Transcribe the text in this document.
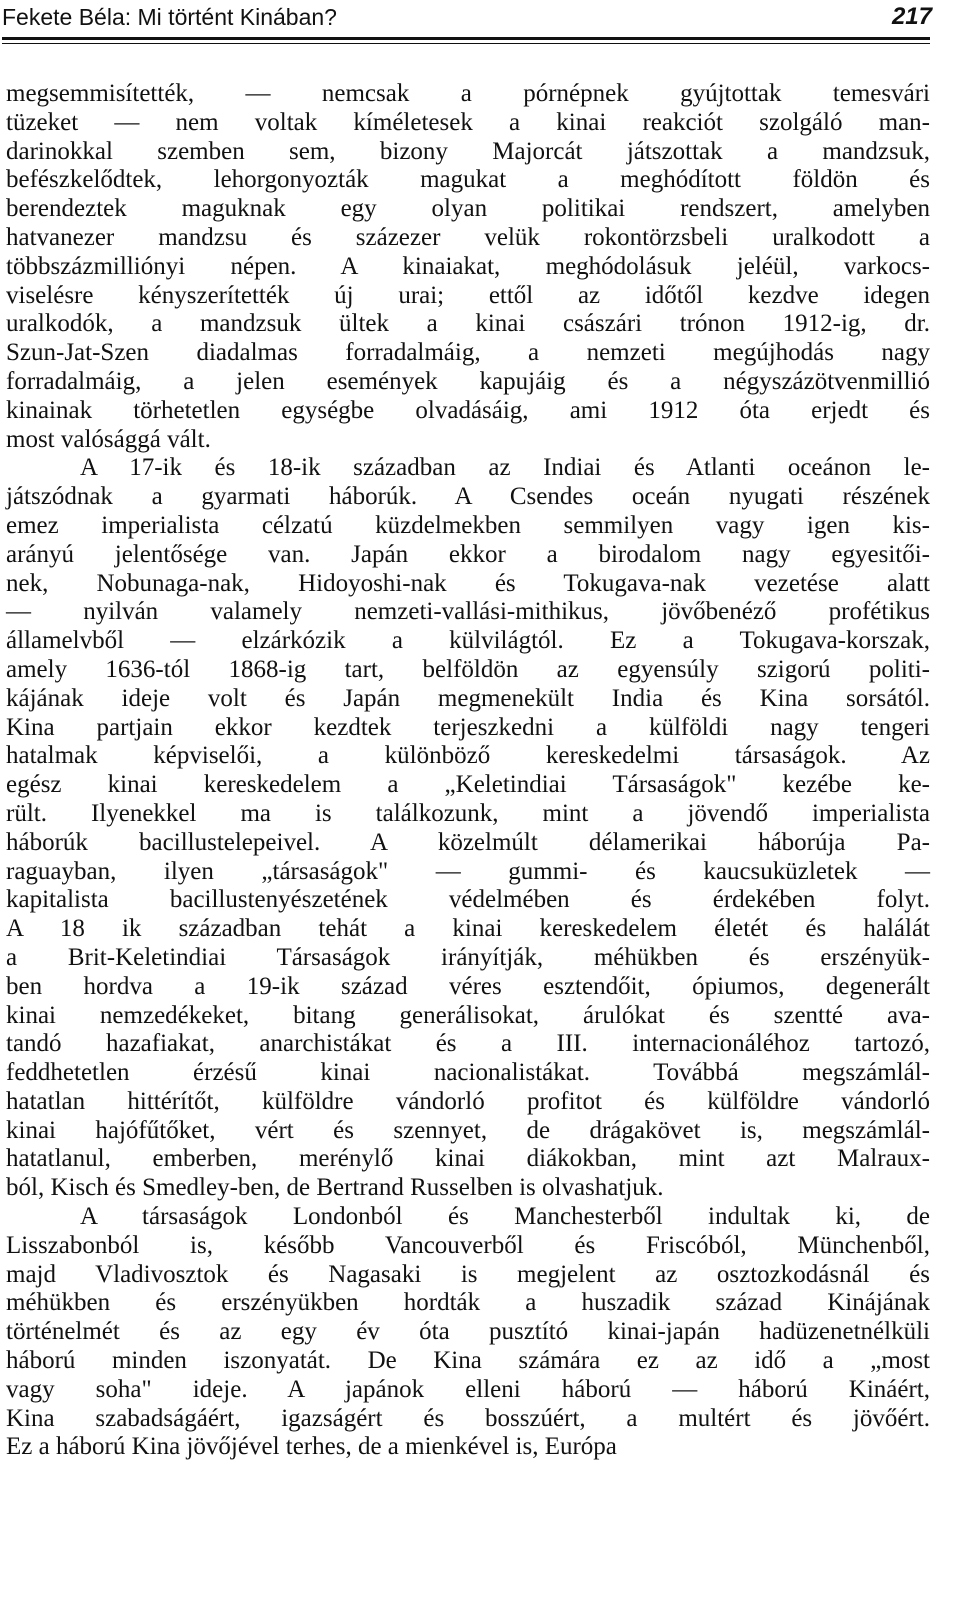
Fekete Béla: Mi történt Kinában?	217
megsemmisítették, — nemcsak a pórnépnek gyújtottak temesvári
tüzeket — nem voltak kíméletesek a kinai reakciót szolgáló man-
darinokkal szemben sem, bizony Majorcát játszottak a mandzsuk,
befészkelődtek, lehorgonyozták magukat a meghódított földön és
berendeztek maguknak egy olyan politikai rendszert, amelyben
hatvanezer mandzsu és százezer velük rokontörzsbeli uralkodott a
többszázmilliónyi népen. A kinaiakat, meghódolásuk jeléül, varkocs-
viselésre kényszerítették új urai; ettől az időtől kezdve idegen
uralkodók, a mandzsuk ültek a kinai császári trónon 1912-ig, dr.
Szun-Jat-Szen diadalmas forradalmáig, a nemzeti megújhodás nagy
forradalmáig, a jelen események kapujáig és a négyszázötvenmillió
kinainak törhetetlen egységbe olvadásáig, ami 1912 óta erjedt és
most valósággá vált.
A 17-ik és 18-ik században az Indiai és Atlanti oceánon le-
játszódnak a gyarmati háborúk. A Csendes oceán nyugati részének
emez imperialista célzatú küzdelmekben semmilyen vagy igen kis-
arányú jelentősége van. Japán ekkor a birodalom nagy egyesitői-
nek, Nobunaga-nak, Hidoyoshi-nak és Tokugava-nak vezetése alatt
— nyilván valamely nemzeti-vallási-mithikus, jövőbenéző profétikus
államelvből — elzárkózik a külvilágtól. Ez a Tokugava-korszak,
amely 1636-tól 1868-ig tart, belföldön az egyensúly szigorú politi-
kájának ideje volt és Japán megmenekült India és Kina sorsától.
Kina partjain ekkor kezdtek terjeszkedni a külföldi nagy tengeri
hatalmak képviselői, a különböző kereskedelmi társaságok. Az
egész kinai kereskedelem a „Keletindiai Társaságok" kezébe ke-
rült. Ilyenekkel ma is találkozunk, mint a jövendő imperialista
háborúk bacillustelepeivel. A közelmúlt délamerikai háborúja Pa-
raguayban, ilyen „társaságok" — gummi- és kaucsuküzletek —
kapitalista bacillustenyészetének védelmében és érdekében folyt.
A 18 ik században tehát a kinai kereskedelem életét és halálát
a Brit-Keletindiai Társaságok irányítják, méhükben és erszényük-
ben hordva a 19-ik század véres esztendőit, ópiumos, degenerált
kinai nemzedékeket, bitang generálisokat, árulókat és szentté ava-
tandó hazafiakat, anarchistákat és a III. internacionáléhoz tartozó,
feddhetetlen érzésű kinai nacionalistákat. Továbbá megszámlál-
hatatlan hittérítőt, külföldre vándorló profitot és külföldre vándorló
kinai hajófűtőket, vért és szennyet, de drágakövet is, megszámlál-
hatatlanul, emberben, merénylő kinai diákokban, mint azt Malraux-
ból, Kisch és Smedley-ben, de Bertrand Russelben is olvashatjuk.
A társaságok Londonból és Manchesterből indultak ki, de
Lisszabonból is, később Vancouverből és Friscóból, Münchenből,
majd Vladivosztok és Nagasaki is megjelent az osztozkodásnál és
méhükben és erszényükben hordták a huszadik század Kinájának
történelmét és az egy év óta pusztító kinai-japán hadüzenetnélküli
háború minden iszonyatát. De Kina számára ez az idő a „most
vagy soha" ideje. A japánok elleni háború — háború Kináért,
Kina szabadságáért, igazságért és bosszúért, a multért és jövőért.
Ez a háború Kina jövőjével terhes, de a mienkével is, Európa
